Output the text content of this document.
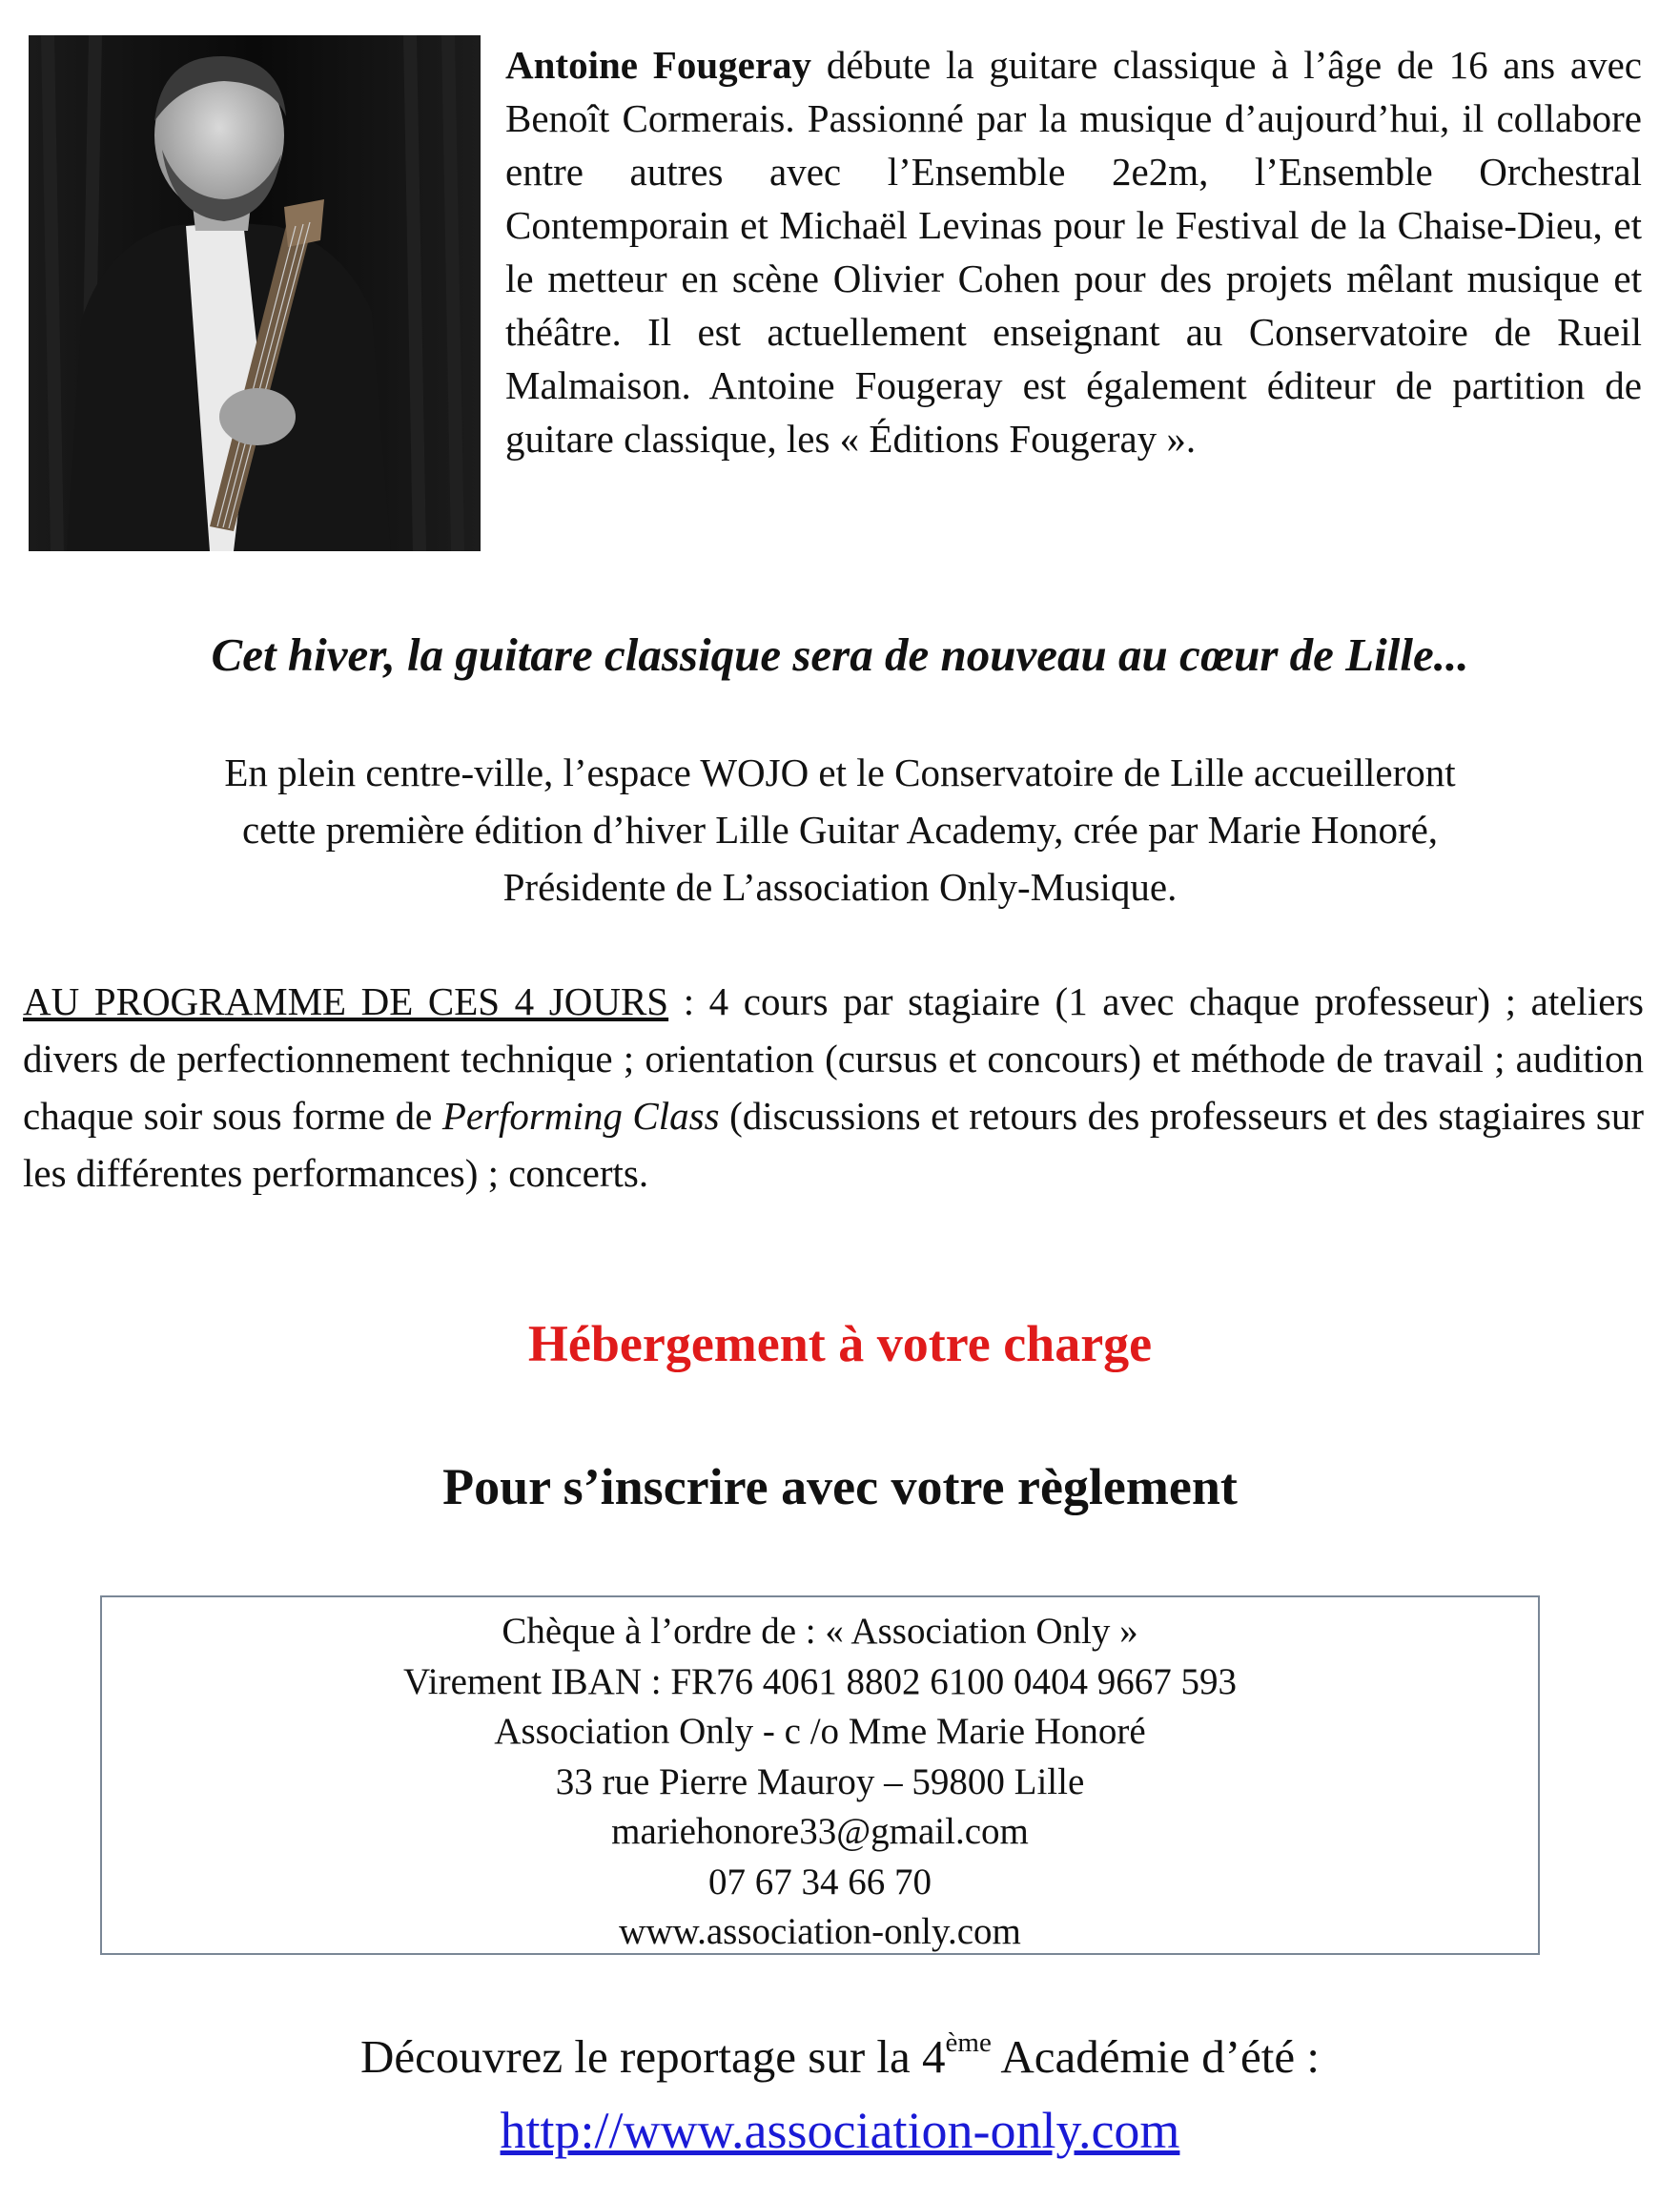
Antoine Fougeray débute la guitare classique à l’âge de 16 ans avec Benoît Cormerais. Passionné par la musique d’aujourd’hui, il collabore entre autres avec l’Ensemble 2e2m, l’Ensemble Orchestral Contemporain et Michaël Levinas pour le Festival de la Chaise-Dieu, et le metteur en scène Olivier Cohen pour des projets mêlant musique et théâtre. Il est actuellement enseignant au Conservatoire de Rueil Malmaison. Antoine Fougeray est également éditeur de partition de guitare classique, les « Éditions Fougeray ».

Cet hiver, la guitare classique sera de nouveau au cœur de Lille...

En plein centre-ville, l’espace WOJO et le Conservatoire de Lille accueilleront
cette première édition d’hiver Lille Guitar Academy, crée par Marie Honoré,
Présidente de L’association Only-Musique.

AU PROGRAMME DE CES 4 JOURS : 4 cours par stagiaire (1 avec chaque professeur) ; ateliers divers de perfectionnement technique ; orientation (cursus et concours) et méthode de travail ; audition chaque soir sous forme de Performing Class (discussions et retours des professeurs et des stagiaires sur les différentes performances) ; concerts.

Hébergement à votre charge

Pour s’inscrire avec votre règlement

Chèque à l’ordre de : « Association Only »
Virement IBAN : FR76 4061 8802 6100 0404 9667 593
Association Only - c /o Mme Marie Honoré
33 rue Pierre Mauroy – 59800 Lille
mariehonore33@gmail.com
07 67 34 66 70
www.association-only.com

Découvrez le reportage sur la 4ème Académie d’été :

http://www.association-only.com
